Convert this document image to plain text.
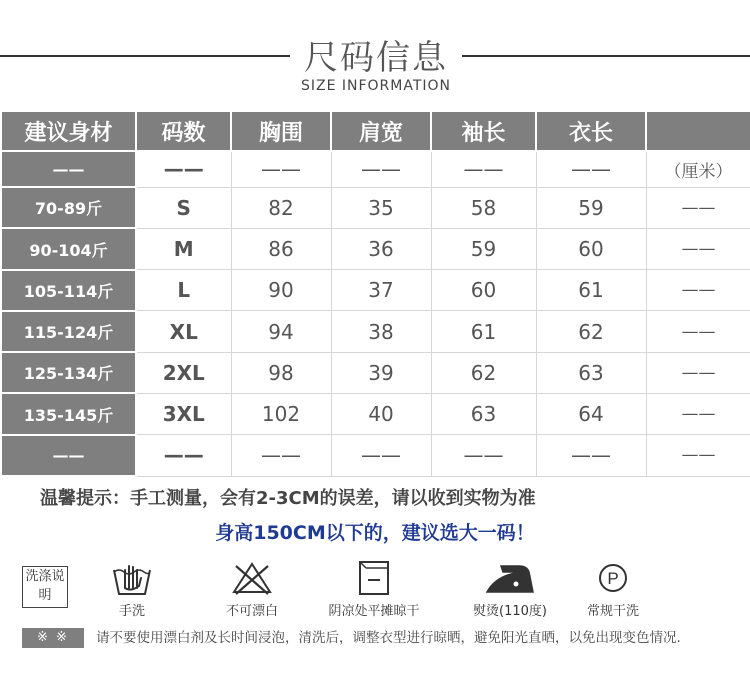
尺码信息
SIZE INFORMATION
建议身材	码数	胸围	肩宽	袖长	衣长	
——	——	——	——	——	——	（厘米）
70-89斤	S	82	35	58	59	——
90-104斤	M	86	36	59	60	——
105-114斤	L	90	37	60	61	——
115-124斤	XL	94	38	61	62	——
125-134斤	2XL	98	39	62	63	——
135-145斤	3XL	102	40	63	64	——
——	——	——	——	——	——	——
温馨提示：手工测量，会有2-3CM的误差，请以收到实物为准
身高150CM以下的，建议选大一码！
洗涤说明
手洗	不可漂白	阴凉处平摊晾干	熨烫(110度)
P
常规干洗
※ ※	请不要使用漂白剂及长时间浸泡，清洗后，调整衣型进行晾晒，避免阳光直晒，以免出现变色情况.
